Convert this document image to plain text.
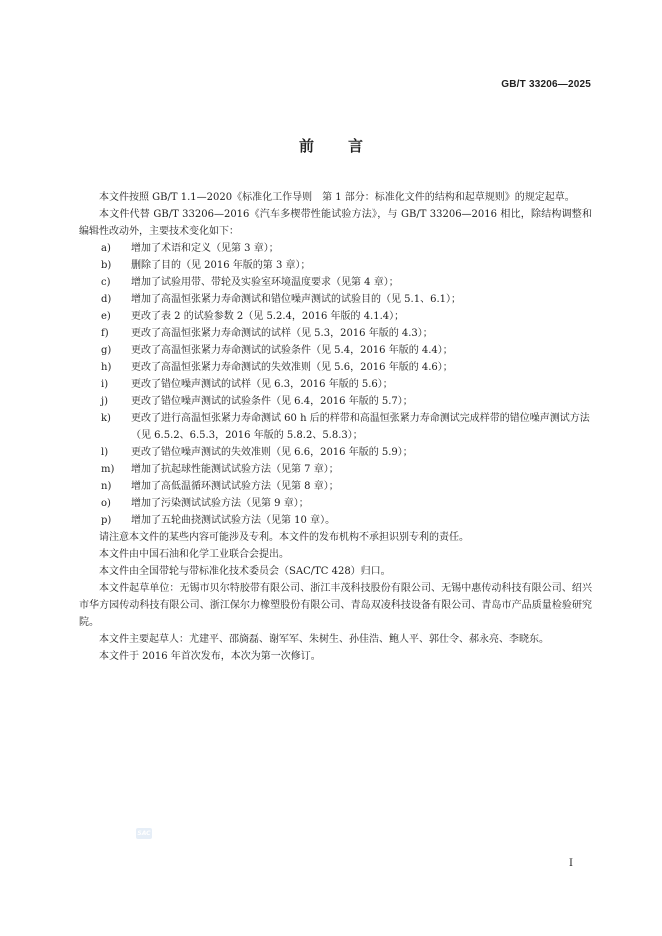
GB/T 33206—2025
前言

本文件按照 GB/T 1.1—2020《标准化工作导则　第 1 部分：标准化文件的结构和起草规则》的规定起草。

本文件代替 GB/T 33206—2016《汽车多楔带性能试验方法》，与 GB/T 33206—2016 相比，除结构调整和编辑性改动外，主要技术变化如下：

a)	增加了术语和定义（见第 3 章）；
b)	删除了目的（见 2016 年版的第 3 章）；
c)	增加了试验用带、带轮及实验室环境温度要求（见第 4 章）；
d)	增加了高温恒张紧力寿命测试和错位噪声测试的试验目的（见 5.1、6.1）；
e)	更改了表 2 的试验参数 2（见 5.2.4，2016 年版的 4.1.4）；
f)	更改了高温恒张紧力寿命测试的试样（见 5.3，2016 年版的 4.3）；
g)	更改了高温恒张紧力寿命测试的试验条件（见 5.4，2016 年版的 4.4）；
h)	更改了高温恒张紧力寿命测试的失效准则（见 5.6，2016 年版的 4.6）；
i)	更改了错位噪声测试的试样（见 6.3，2016 年版的 5.6）；
j)	更改了错位噪声测试的试验条件（见 6.4，2016 年版的 5.7）；
k)	更改了进行高温恒张紧力寿命测试 60 h 后的样带和高温恒张紧力寿命测试完成样带的错位噪声测试方法（见 6.5.2、6.5.3，2016 年版的 5.8.2、5.8.3）；
l)	更改了错位噪声测试的失效准则（见 6.6，2016 年版的 5.9）；
m)	增加了抗起球性能测试试验方法（见第 7 章）；
n)	增加了高低温循环测试试验方法（见第 8 章）；
o)	增加了污染测试试验方法（见第 9 章）；
p)	增加了五轮曲挠测试试验方法（见第 10 章）。

请注意本文件的某些内容可能涉及专利。本文件的发布机构不承担识别专利的责任。

本文件由中国石油和化学工业联合会提出。

本文件由全国带轮与带标准化技术委员会（SAC/TC 428）归口。

本文件起草单位：无锡市贝尔特胶带有限公司、浙江丰茂科技股份有限公司、无锡中惠传动科技有限公司、绍兴市华方园传动科技有限公司、浙江保尔力橡塑股份有限公司、青岛双凌科技设备有限公司、青岛市产品质量检验研究院。

本文件主要起草人：尤建平、邵旖磊、谢军军、朱树生、孙佳浩、鲍人平、郭仕令、郝永亮、李晓东。

本文件于 2016 年首次发布，本次为第一次修订。

SAC
I
